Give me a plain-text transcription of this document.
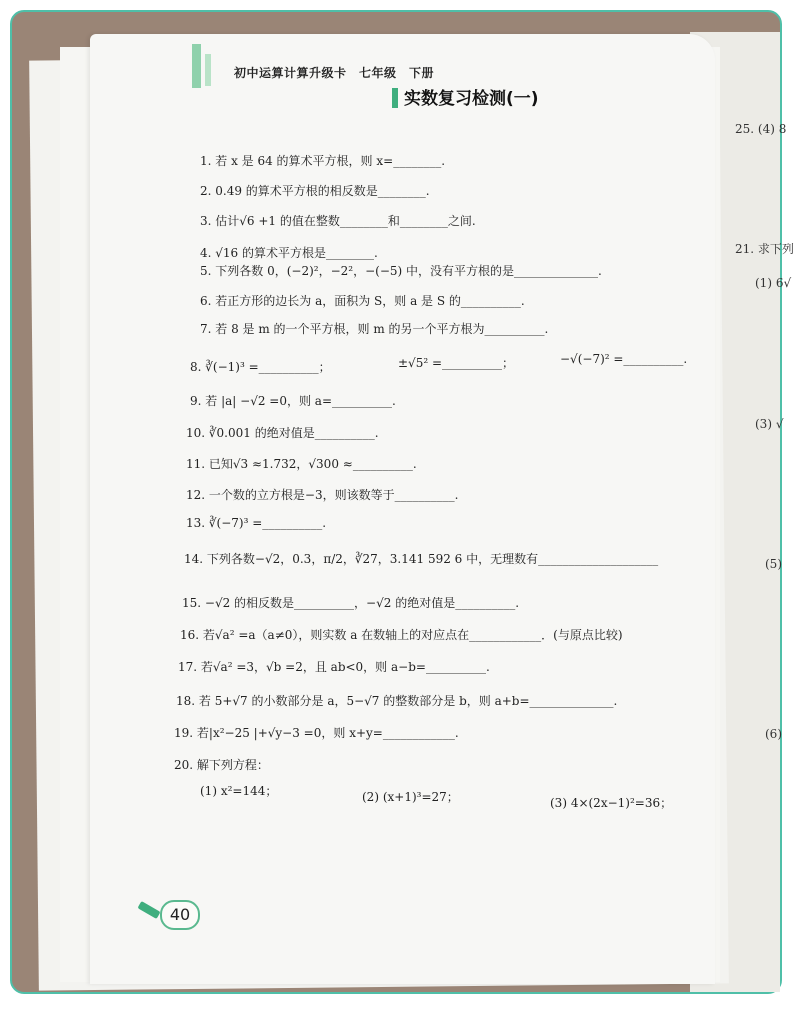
25. (4) 8
21. 求下列
(1) 6√
(3) √
(5)
(6)
初中运算计算升级卡　七年级　下册
实数复习检测(一)
1. 若 x 是 64 的算术平方根，则 x=________.
2. 0.49 的算术平方根的相反数是________.
3. 估计√6 +1 的值在整数________和________之间.
4. √16 的算术平方根是________.
5. 下列各数 0，(−2)²，−2²，−(−5) 中，没有平方根的是______________.
6. 若正方形的边长为 a，面积为 S，则 a 是 S 的__________.
7. 若 8 是 m 的一个平方根，则 m 的另一个平方根为__________.
8. ∛(−1)³ =__________；	±√5² =__________；	−√(−7)² =__________.
9. 若 |a| −√2 =0，则 a=__________.
10. ∛0.001 的绝对值是__________.
11. 已知√3 ≈1.732，√300 ≈__________.
12. 一个数的立方根是−3，则该数等于__________.
13. ∛(−7)³ =__________.
14. 下列各数−√2，0.3，π/2，∛27，3.141 592 6 中，无理数有____________________
15. −√2 的相反数是__________，−√2 的绝对值是__________.
16. 若√a² =a（a≠0），则实数 a 在数轴上的对应点在____________．(与原点比较)
17. 若√a² =3，√b =2，且 ab<0，则 a−b=__________.
18. 若 5+√7 的小数部分是 a，5−√7 的整数部分是 b，则 a+b=______________.
19. 若|x²−25 |+√y−3 =0，则 x+y=____________.
20. 解下列方程：
(1) x²=144；	(2) (x+1)³=27；	(3) 4×(2x−1)²=36；
40
